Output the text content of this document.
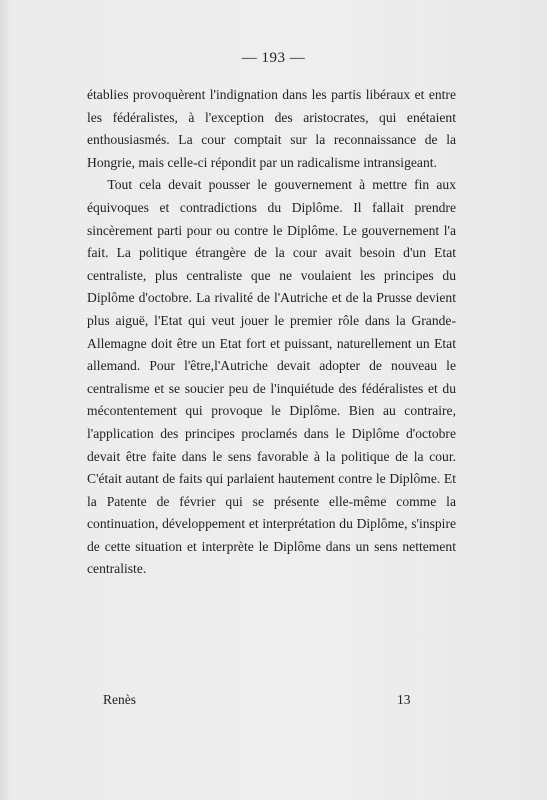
— 193 —

établies provoquèrent l'indignation dans les partis libéraux et entre les fédéralistes, à l'exception des aristocrates, qui enétaient enthousiasmés. La cour comptait sur la reconnaissance de la Hongrie, mais celle-ci répondit par un radicalisme intransigeant.

Tout cela devait pousser le gouvernement à mettre fin aux équivoques et contradictions du Diplôme. Il fallait prendre sincèrement parti pour ou contre le Diplôme. Le gouvernement l'a fait. La politique étrangère de la cour avait besoin d'un Etat centraliste, plus centraliste que ne voulaient les principes du Diplôme d'octobre. La rivalité de l'Autriche et de la Prusse devient plus aiguë, l'Etat qui veut jouer le premier rôle dans la Grande-Allemagne doit être un Etat fort et puissant, naturellement un Etat allemand. Pour l'être,l'Autriche devait adopter de nouveau le centralisme et se soucier peu de l'inquiétude des fédéralistes et du mécontentement qui provoque le Diplôme. Bien au contraire, l'application des principes proclamés dans le Diplôme d'octobre devait être faite dans le sens favorable à la politique de la cour. C'était autant de faits qui parlaient hautement contre le Diplôme. Et la Patente de février qui se présente elle-même comme la continuation, développement et interprétation du Diplôme, s'inspire de cette situation et interprète le Diplôme dans un sens nettement centraliste.

Renès	13
